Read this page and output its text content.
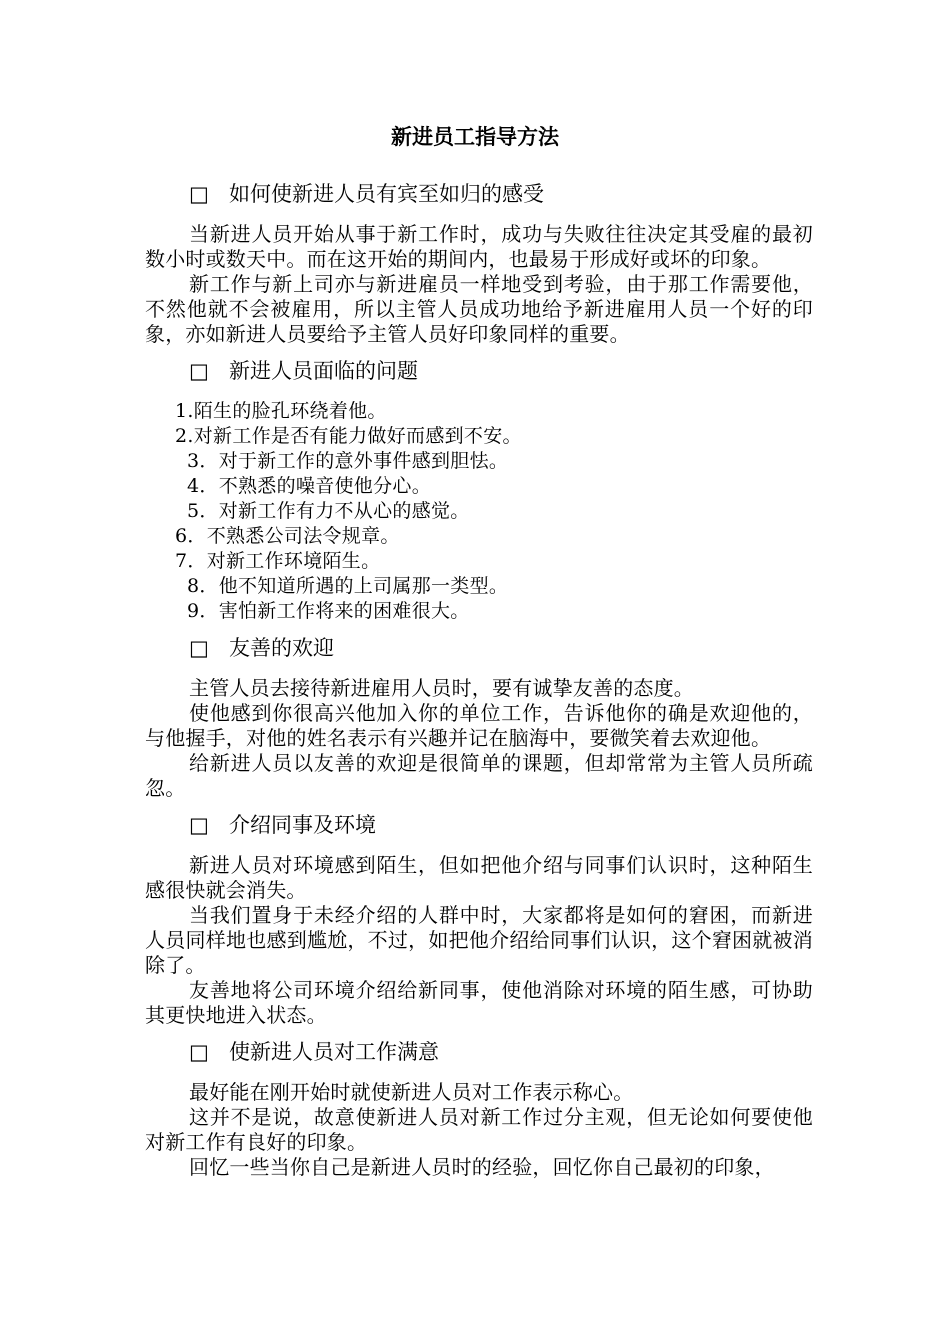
新进员工指导方法
□ 如何使新进人员有宾至如归的感受

当新进人员开始从事于新工作时，成功与失败往往决定其受雇的最初数小时或数天中。而在这开始的期间内，也最易于形成好或坏的印象。

新工作与新上司亦与新进雇员一样地受到考验，由于那工作需要他，不然他就不会被雇用，所以主管人员成功地给予新进雇用人员一个好的印象，亦如新进人员要给予主管人员好印象同样的重要。

□ 新进人员面临的问题

1.陌生的脸孔环绕着他。

2.对新工作是否有能力做好而感到不安。

3．对于新工作的意外事件感到胆怯。

4．不熟悉的噪音使他分心。

5．对新工作有力不从心的感觉。

6．不熟悉公司法令规章。

7．对新工作环境陌生。

8．他不知道所遇的上司属那一类型。

9．害怕新工作将来的困难很大。

□ 友善的欢迎

主管人员去接待新进雇用人员时，要有诚挚友善的态度。

使他感到你很高兴他加入你的单位工作，告诉他你的确是欢迎他的，与他握手，对他的姓名表示有兴趣并记在脑海中，要微笑着去欢迎他。

给新进人员以友善的欢迎是很简单的课题，但却常常为主管人员所疏忽。

□ 介绍同事及环境

新进人员对环境感到陌生，但如把他介绍与同事们认识时，这种陌生感很快就会消失。

当我们置身于未经介绍的人群中时，大家都将是如何的窘困，而新进人员同样地也感到尴尬，不过，如把他介绍给同事们认识，这个窘困就被消除了。

友善地将公司环境介绍给新同事，使他消除对环境的陌生感，可协助其更快地进入状态。

□ 使新进人员对工作满意

最好能在刚开始时就使新进人员对工作表示称心。

这并不是说，故意使新进人员对新工作过分主观，但无论如何要使他对新工作有良好的印象。

回忆一些当你自己是新进人员时的经验，回忆你自己最初的印象，
